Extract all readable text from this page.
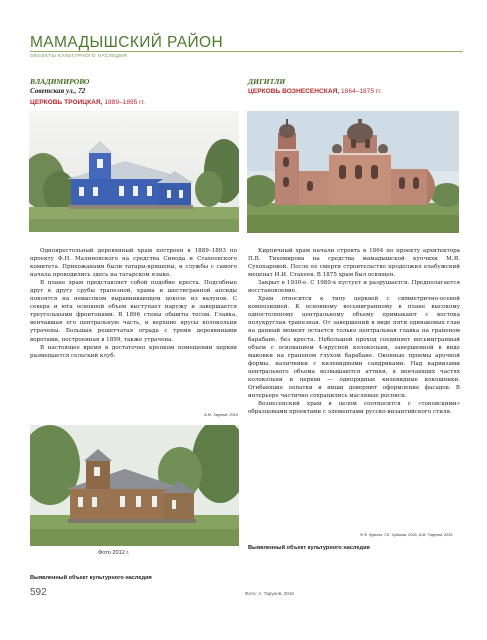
МАМАДЫШСКИЙ РАЙОН
ОБЪЕКТЫ КУЛЬТУРНОГО НАСЛЕДИЯ
ВЛАДИМИРОВО
Советская ул., 72
ЦЕРКОВЬ ТРОИЦКАЯ, 1889–1895 гг.
ДИГИТЛИ
ЦЕРКОВЬ ВОЗНЕСЕНСКАЯ, 1864–1875 гг.

Одноярестольный деревянный храм построен в 1889–1893 по проекту Ф.Н. Малиновского на средства Синода и Стахеевского комитета. Прихожанами были татары-кряшены, и службы с самого начала проводились здесь на татарском языке.

В плане храм представляет собой подобие креста. Подсобные друг к другу срубы трапезной, храма и шестигранной апсиды покоятся на невысоком выравнивающем цоколе из валунов. С севера и юга основной объем выступает наружу и завершается треугольными фронтонами. В 1896 стены обшиты тесом. Главка, венчавшая его центральную часть, и верхние ярусы колокольни утрачены. Большая решетчатая ограда с тремя деревянными воротами, построенная в 1899, также утрачена.

В настоящее время в достаточно крепком помещении церкви размещается сельский клуб.

А.М. Тарунов, 2016
Фото 2012 г.
Выявленный объект культурного наследия

Кирпичный храм начали строить в 1864 по проекту архитектора П.В. Тихомирова на средства мамадышской купчихи М.Я. Сухопаровой. После ее смерти строительство продолжил елабужский меценат И.И. Стахеев. В 1875 храм был освящен.

Закрыт в 1930-е. С 1980-х пустует и разрушается. Предполагается восстановление.

Храм относится к типу церквей с симметрично-осевой композицией. К основному восьмигранному в плане высокому одностолпному центральному объему примыкают с востока полукруглая трапезная. От завершений в виде пяти одинаковых глав на данный момент остается только центральная главка на граненом барабане, без креста. Небольшой проход соединяет восьмигранный объем с основанием 4-ярусной колокольни, завершенной в виде маковки на граненом глухом барабане. Оконные проемы арочной формы, наличники с килевидными сандриками. Над карнизами центрального объема возвышаются аттики, в венчающих частях колокольни и церкви — однорядные килевидные кокошники. Огибающие лопатки и ниши доверяют оформление фасадов. В интерьере частично сохранились масляные росписи.

Вознесенский храм в целом соотносится с «тоновскими» образцовыми проектами с элементами русско-византийского стиля.

Ф.Ф. Курина, Т.Е. Чуйкова, 2016; А.М. Тарунов, 2016
Выявленный объект культурного наследия
592	Фото: А. Тарунов, 2016
